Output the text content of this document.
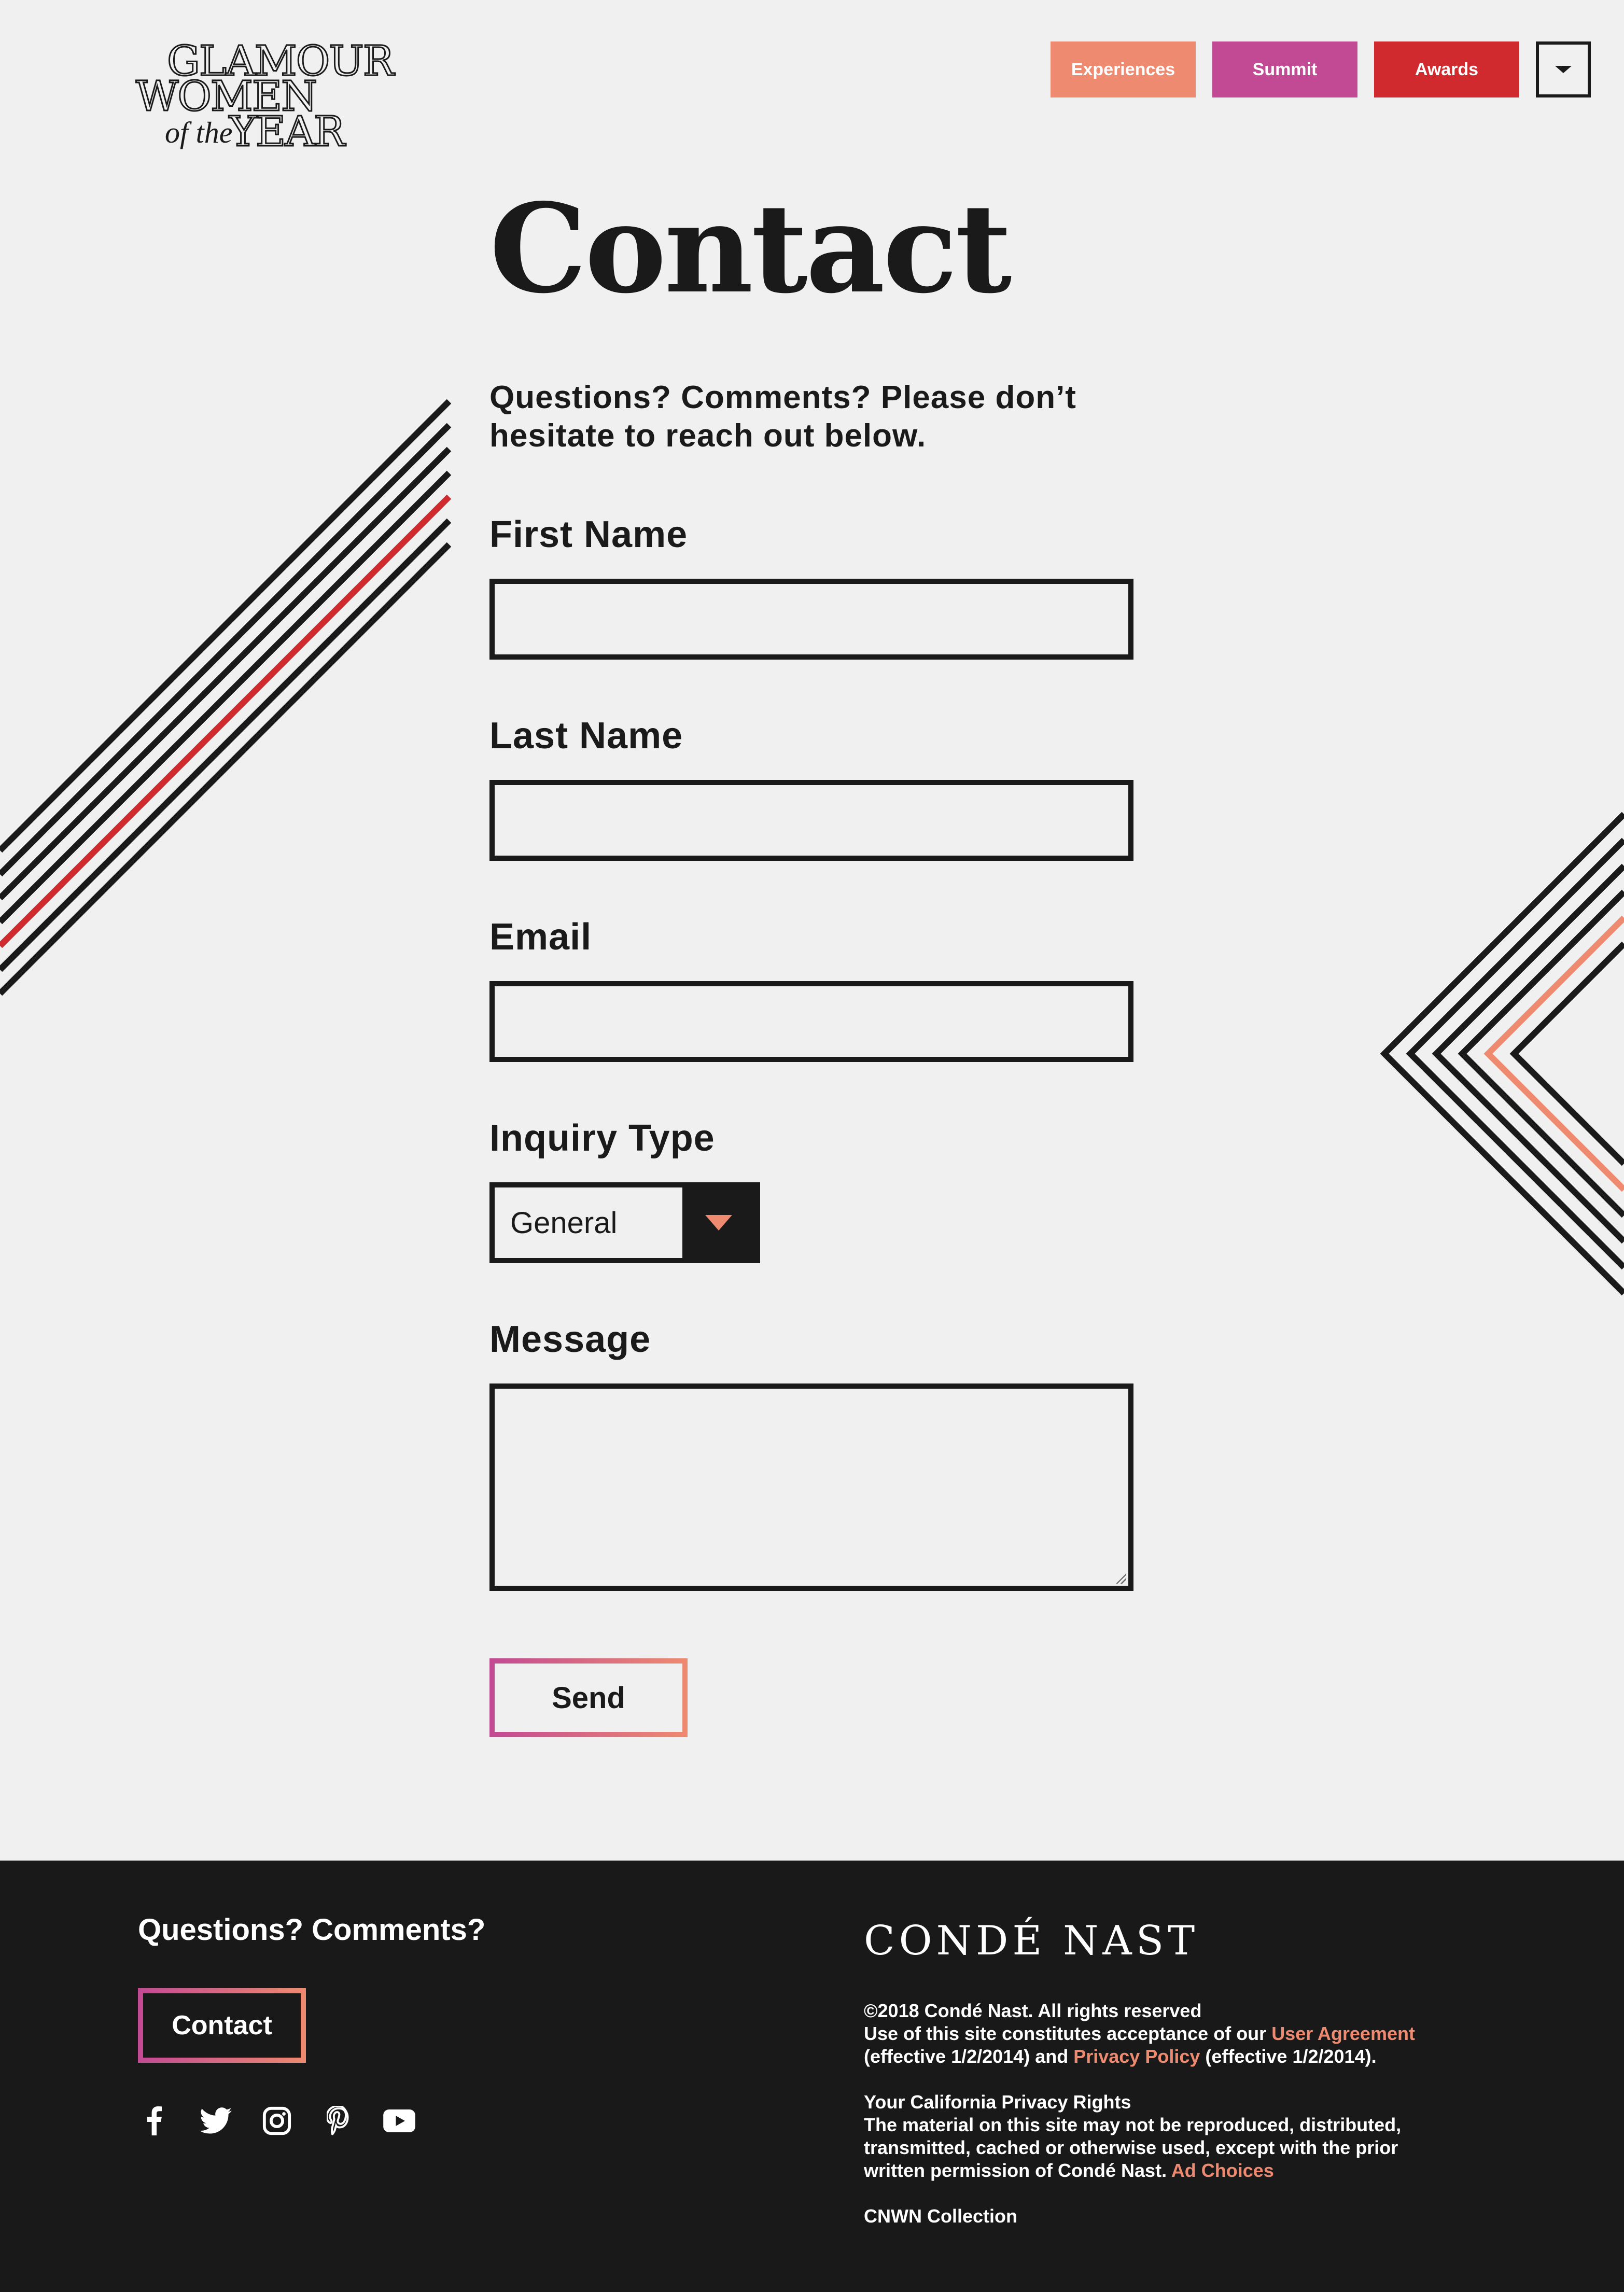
GLAMOUR
WOMEN
of the
YEAR
Experiences	Summit	Awards
Contact

Questions? Comments? Please don’t hesitate to reach out below.

First Name
Last Name
Email
Inquiry Type
General
Message
Send
Questions? Comments?
Contact
CONDÉ NAST

©2018 Condé Nast. All rights reserved

Use of this site constitutes acceptance of our User Agreement

(effective 1/2/2014) and Privacy Policy (effective 1/2/2014).

Your California Privacy Rights

The material on this site may not be reproduced, distributed, transmitted, cached or otherwise used, except with the prior written permission of Condé Nast. Ad Choices

CNWN Collection
